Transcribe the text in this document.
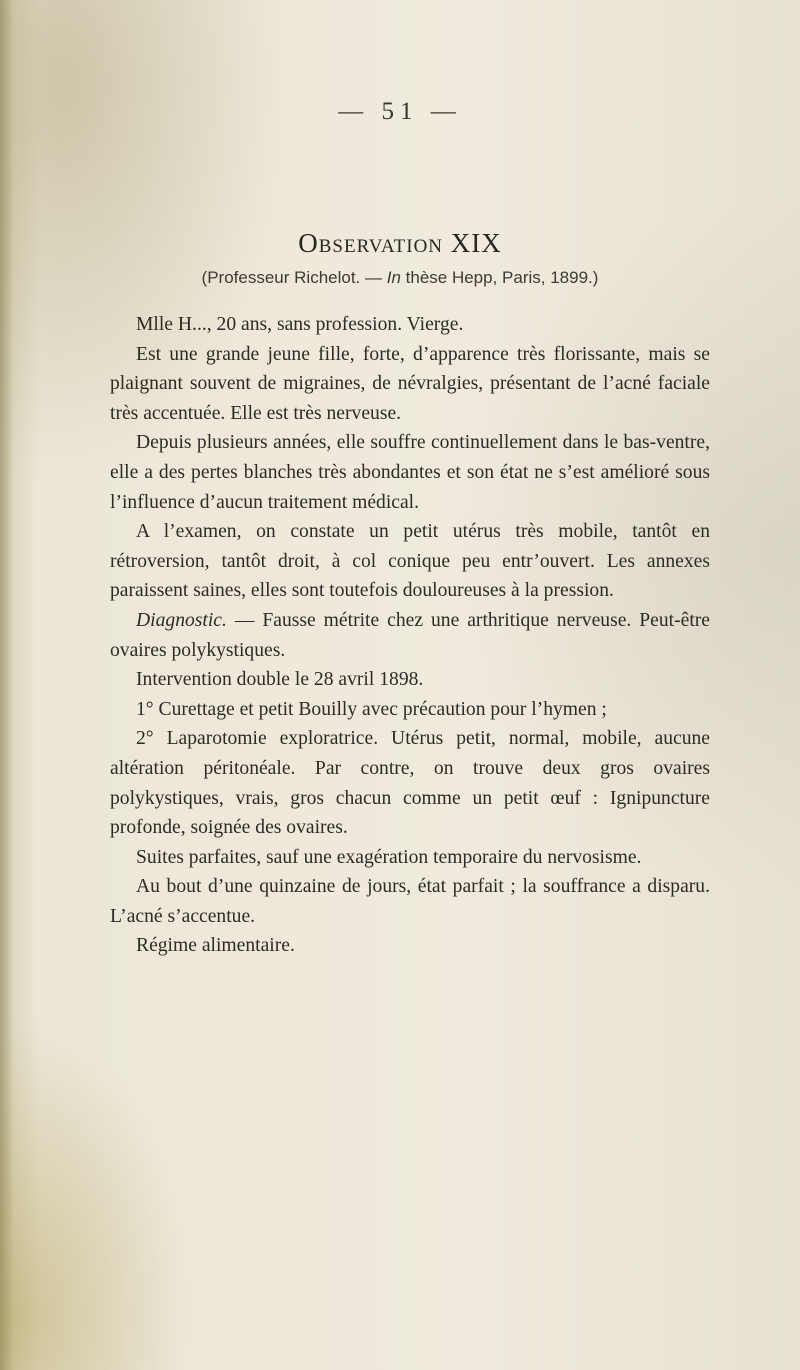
— 51 —
Observation XIX
(Professeur Richelot. — In thèse Hepp, Paris, 1899.)

Mlle H..., 20 ans, sans profession. Vierge.

Est une grande jeune fille, forte, d’apparence très florissante, mais se plaignant souvent de migraines, de névralgies, présentant de l’acné faciale très accentuée. Elle est très nerveuse.

Depuis plusieurs années, elle souffre continuellement dans le bas-ventre, elle a des pertes blanches très abondantes et son état ne s’est amélioré sous l’influence d’aucun traitement médical.

A l’examen, on constate un petit utérus très mobile, tantôt en rétroversion, tantôt droit, à col conique peu entr’ouvert. Les annexes paraissent saines, elles sont toutefois douloureuses à la pression.

Diagnostic. — Fausse métrite chez une arthritique nerveuse. Peut-être ovaires polykystiques.

Intervention double le 28 avril 1898.

1° Curettage et petit Bouilly avec précaution pour l’hymen ;

2° Laparotomie exploratrice. Utérus petit, normal, mobile, aucune altération péritonéale. Par contre, on trouve deux gros ovaires polykystiques, vrais, gros chacun comme un petit œuf : Ignipuncture profonde, soignée des ovaires.

Suites parfaites, sauf une exagération temporaire du nervosisme.

Au bout d’une quinzaine de jours, état parfait ; la souffrance a disparu. L’acné s’accentue.

Régime alimentaire.
